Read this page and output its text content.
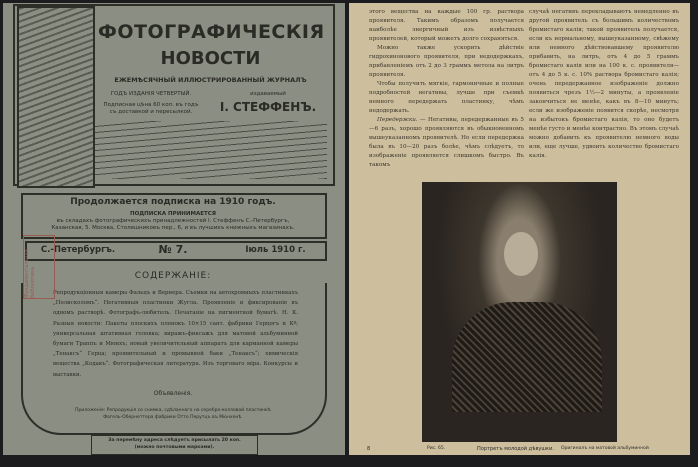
ФОТОГРАФИЧЕСКІЯ
НОВОСТИ
ЕЖЕМѢСЯЧНЫЙ ИЛЛЮСТРИРОВАННЫЙ ЖУРНАЛЪ
ГОДЪ ИЗДАНІЯ ЧЕТВЕРТЫЙ.
Подписная цѣна 60 коп. въ годъ съ доставкой и пересылкой.
издаваемый
I. СТЕФФЕНЪ.
Продолжается подписка на 1910 годъ.
ПОДПИСКА ПРИНИМАЕТСЯ
въ складахъ фотографическихъ принадлежностей I. Стеффенъ С.-Петербургъ, Казанская, 5. Москва, Столешниковъ пер., 6, и въ лучшихъ книжныхъ магазинахъ.
С.-Петербургъ.	№ 7.	Іюль 1910 г.
СОДЕРЖАНІЕ:
Репродукціонныя камеры Фальцъ и Вернера. Съемки на автохромныхъ пластинкахъ „Полисколомъ“. Негативныя пластинки Жугла. Проявленіе и фиксированіе въ одномъ растворѣ. Фотографъ-любитель. Печатаніе на пигментной бумагѣ. Н. К. Разныя новости: Пакеты плоскихъ пленокъ 10×15 сант. фабрики Герцогъ и Кº; универсальная штативная головка; виражъ-фиксажъ для матовой альбуминной бумаги Траппъ и Мюнхъ; новый увеличительный аппаратъ для карманной камеры „Тенаксъ“ Герца; проявительный и промывной баки „Тенаксъ“; химическія вещества „Кодакъ“. Фотографическая литература. Изъ торговаго міра. Конкурсы и выставки.
Объявленія.
Приложеніе: Репродукція со снимка, сдѣланнаго на серебро-колловой пластинкѣ Фогель-Обернеттера фабрики Отто Перутцъ въ Мюнхенѣ.
За перемѣну адреса слѣдуетъ присылать 20 коп.
(можно почтовыми марками).
Фундаментальная библиотека
этого вещества на каждые 100 гр. раствора проявителя. Такимъ образомъ получается наиболѣе энергичный изъ извѣстныхъ проявителей, который можетъ долго сохраняться.
Можно также ускорить дѣйствіе гидрохинонового проявителя, при недодержкахъ, прибавленіемъ отъ 2 до 3 граммъ метола на литръ проявителя.
Чтобы получить мягкіе, гармоничные и полные подробностей негативы, лучше при съемкѣ немного передержать пластинку, чѣмъ недодержать.
Передержки. — Негативы, передержанные въ 5—6 разъ, хорошо проявляются въ обыкновенномъ вышеуказанномъ проявителѣ. Но если передержка была въ 10—20 разъ болѣе, чѣмъ слѣдуетъ, то изображеніе проявляется слишкомъ быстро. Въ такомъ
случаѣ негативъ перекладываютъ немедленно въ другой проявитель съ большимъ количествомъ бромистаго калія; такой проявитель получается, если къ нормальному, вышеуказанному, свѣжему или немного дѣйствовавшему проявителю прибавить, на литръ, отъ 4 до 5 граммъ бромистаго калія или на 100 к. с. проявителя—отъ 4 до 5 к. с. 10% раствора бромистаго калія; очень передержанное изображеніе должно появиться чрезъ 1½—2 минуты, а проявленіе закончиться не менѣе, какъ въ 8—10 минутъ; если же изображеніе появится скорѣе, несмотря на избытокъ бромистаго калія, то оно будетъ менѣе густо и менѣе контрастно. Въ этомъ случаѣ можно добавить къ проявителю немного воды или, еще лучше, удвоить количество бромистаго калія.
Рис. 65.	Портретъ молодой дѣвушки. Оригиналъ на матовой альбуминной
8
